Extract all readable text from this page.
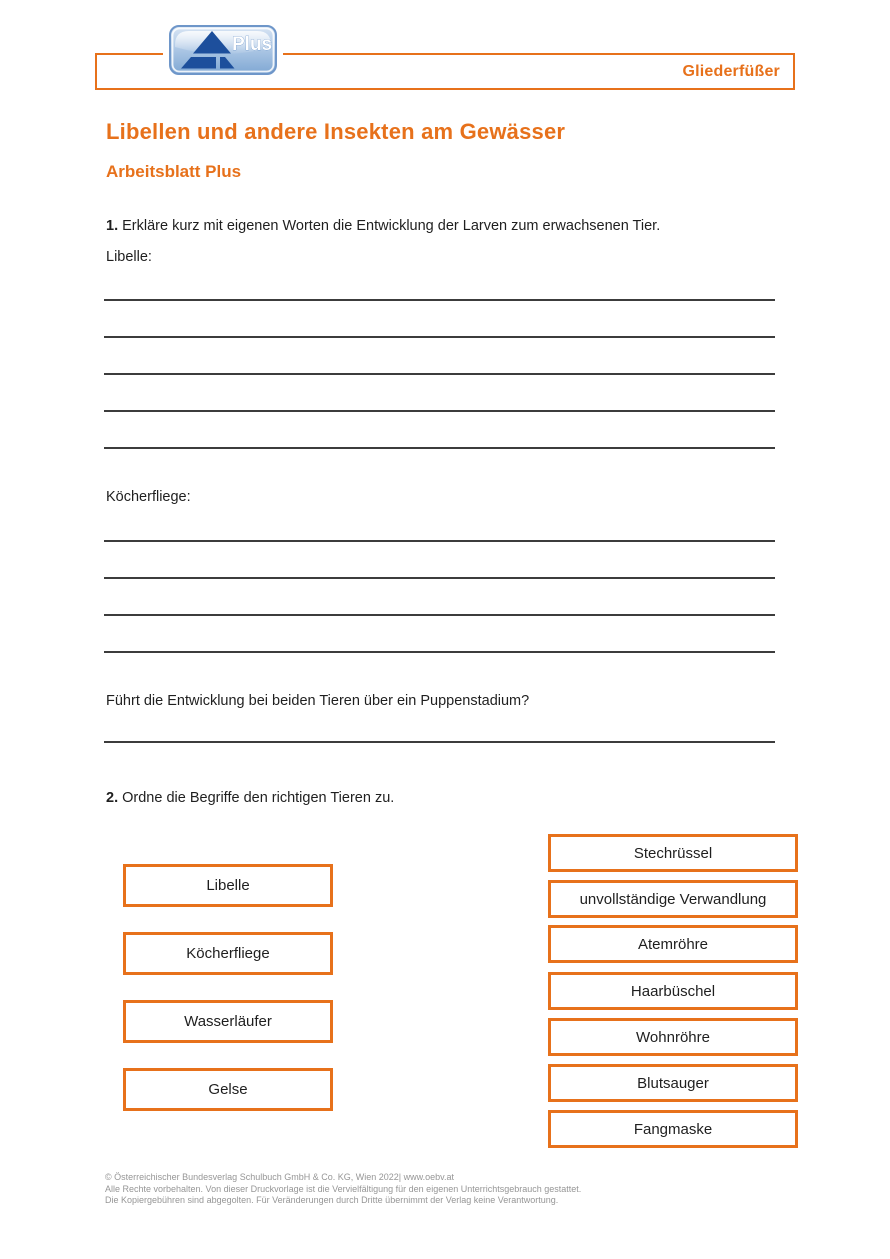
Gliederfüßer
Plus
Libellen und andere Insekten am Gewässer
Arbeitsblatt Plus

1. Erkläre kurz mit eigenen Worten die Entwicklung der Larven zum erwachsenen Tier.

Libelle:

Köcherfliege:

Führt die Entwicklung bei beiden Tieren über ein Puppenstadium?

2. Ordne die Begriffe den richtigen Tieren zu.

Libelle
Köcherfliege
Wasserläufer
Gelse
Stechrüssel
unvollständige Verwandlung
Atemröhre
Haarbüschel
Wohnröhre
Blutsauger
Fangmaske
© Österreichischer Bundesverlag Schulbuch GmbH & Co. KG, Wien 2022| www.oebv.at
Alle Rechte vorbehalten. Von dieser Druckvorlage ist die Vervielfältigung für den eigenen Unterrichtsgebrauch gestattet.
Die Kopiergebühren sind abgegolten. Für Veränderungen durch Dritte übernimmt der Verlag keine Verantwortung.
